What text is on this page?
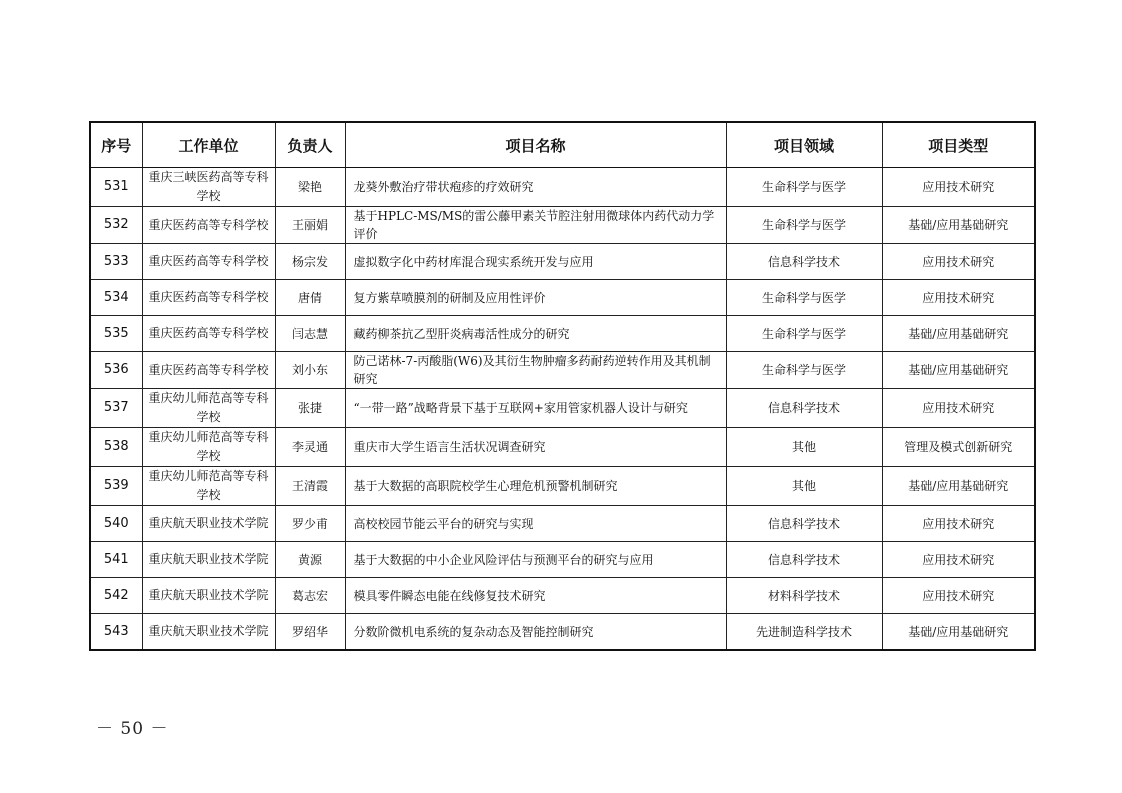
序号	工作单位	负责人	项目名称	项目领域	项目类型
531	重庆三峡医药高等专科学校	梁艳	龙葵外敷治疗带状疱疹的疗效研究	生命科学与医学	应用技术研究
532	重庆医药高等专科学校	王丽娟	基于HPLC-MS/MS的雷公藤甲素关节腔注射用微球体内药代动力学评价	生命科学与医学	基础/应用基础研究
533	重庆医药高等专科学校	杨宗发	虚拟数字化中药材库混合现实系统开发与应用	信息科学技术	应用技术研究
534	重庆医药高等专科学校	唐倩	复方紫草喷膜剂的研制及应用性评价	生命科学与医学	应用技术研究
535	重庆医药高等专科学校	闫志慧	藏药柳茶抗乙型肝炎病毒活性成分的研究	生命科学与医学	基础/应用基础研究
536	重庆医药高等专科学校	刘小东	防己诺林-7-丙酸脂(W6)及其衍生物肿瘤多药耐药逆转作用及其机制研究	生命科学与医学	基础/应用基础研究
537	重庆幼儿师范高等专科学校	张捷	“一带一路”战略背景下基于互联网+家用管家机器人设计与研究	信息科学技术	应用技术研究
538	重庆幼儿师范高等专科学校	李灵通	重庆市大学生语言生活状况调查研究	其他	管理及模式创新研究
539	重庆幼儿师范高等专科学校	王清霞	基于大数据的高职院校学生心理危机预警机制研究	其他	基础/应用基础研究
540	重庆航天职业技术学院	罗少甫	高校校园节能云平台的研究与实现	信息科学技术	应用技术研究
541	重庆航天职业技术学院	黄源	基于大数据的中小企业风险评估与预测平台的研究与应用	信息科学技术	应用技术研究
542	重庆航天职业技术学院	葛志宏	模具零件瞬态电能在线修复技术研究	材料科学技术	应用技术研究
543	重庆航天职业技术学院	罗绍华	分数阶微机电系统的复杂动态及智能控制研究	先进制造科学技术	基础/应用基础研究
－ 50 －
